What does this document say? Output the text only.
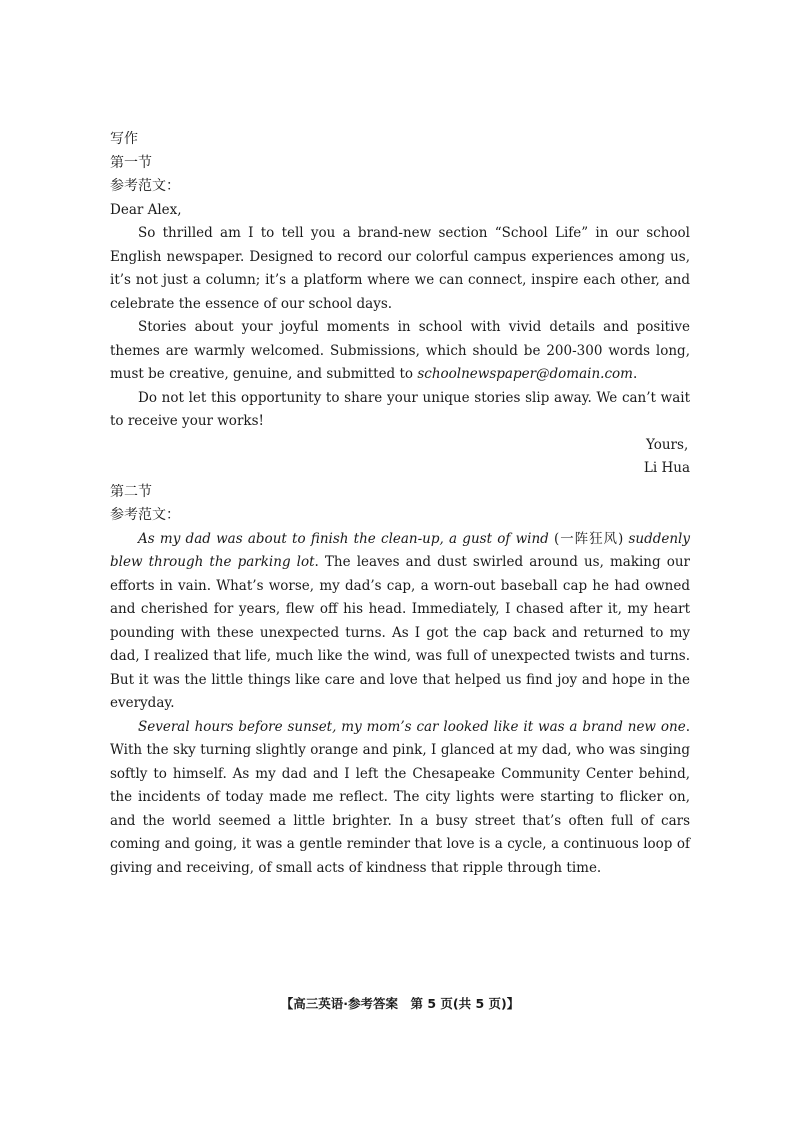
写作

第一节

参考范文：

Dear Alex,

So thrilled am I to tell you a brand-new section “School Life” in our school English newspaper. Designed to record our colorful campus experiences among us, it’s not just a column; it’s a platform where we can connect, inspire each other, and celebrate the essence of our school days.

Stories about your joyful moments in school with vivid details and positive themes are warmly welcomed. Submissions, which should be 200-300 words long, must be creative, genuine, and submitted to schoolnewspaper@domain.com.

Do not let this opportunity to share your unique stories slip away. We can’t wait to receive your works!

Yours,

Li Hua

第二节

参考范文：

As my dad was about to finish the clean-up, a gust of wind (一阵狂风) suddenly blew through the parking lot. The leaves and dust swirled around us, making our efforts in vain. What’s worse, my dad’s cap, a worn-out baseball cap he had owned and cherished for years, flew off his head. Immediately, I chased after it, my heart pounding with these unexpected turns. As I got the cap back and returned to my dad, I realized that life, much like the wind, was full of unexpected twists and turns. But it was the little things like care and love that helped us find joy and hope in the everyday.

Several hours before sunset, my mom’s car looked like it was a brand new one. With the sky turning slightly orange and pink, I glanced at my dad, who was singing softly to himself. As my dad and I left the Chesapeake Community Center behind, the incidents of today made me reflect. The city lights were starting to flicker on, and the world seemed a little brighter. In a busy street that’s often full of cars coming and going, it was a gentle reminder that love is a cycle, a continuous loop of giving and receiving, of small acts of kindness that ripple through time.

【高三英语·参考答案　第 5 页(共 5 页)】
